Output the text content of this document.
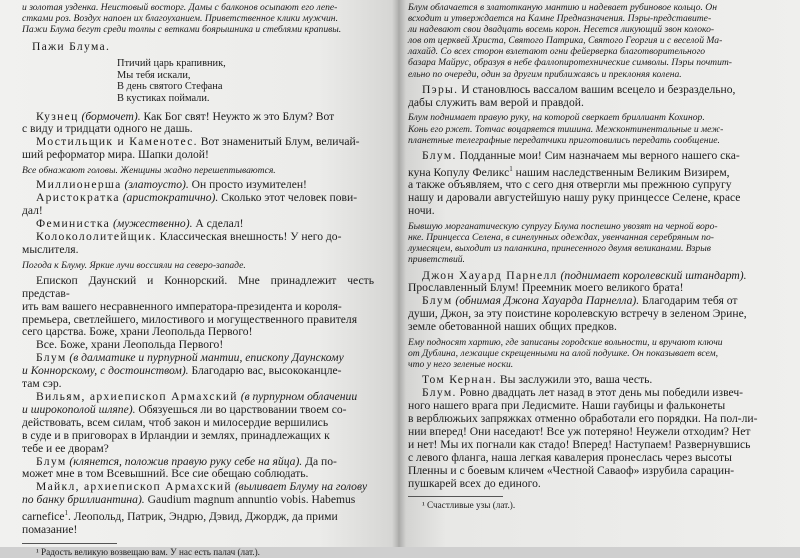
и золотая узденка. Неистовый восторг. Дамы с балконов осыпают его лепе-
стками роз. Воздух напоен их благоуханием. Приветственное клики мужчин.
Пажи Блума бегут среди толпы с ветками боярышника и стеблями крапивы.
Пажи Блума.
Птичий царь крапивник,
Мы тебя искали,
В день святого Стефана
В кустиках поймали.
Кузнец (бормочет). Как Бог свят! Неужто ж это Блум? Вот
с виду и тридцати одного не дашь.
Мостильщик и Каменотес. Вот знаменитый Блум, величай-
ший реформатор мира. Шапки долой!
Все обнажают головы. Женщины жадно перешептываются.
Миллионерша (златоусто). Он просто изумителен!
Аристократка (аристократично). Сколько этот человек пови-
дал!
Феминистка (мужественно). А сделал!
Колокололитейщик. Классическая внешность! У него до-
мыслителя.
Погода к Блуму. Яркие лучи воссияли на северо-западе.
Епископ Даунский и Коннорский. Мне принадлежит честь представ-
ить вам вашего несравненного императора-президента и короля-
премьера, светлейшего, милостивого и могущественного правителя
сего царства. Боже, храни Леопольда Первого!
Все. Боже, храни Леопольда Первого!
Блум (в далматике и пурпурной мантии, епископу Даунскому
и Коннорскому, с достоинством). Благодарю вас, высококанцле-
там сэр.
Вильям, архиепископ Армахский (в пурпурном облачении
и широкополой шляпе). Обязуешься ли во царствовании твоем со-
действовать, всем силам, чтоб закон и милосердие вершились
в суде и в приговорах в Ирландии и землях, принадлежащих к
тебе и ее дворам?
Блум (клянется, положив правую руку себе на яйца). Да по-
может мне в том Всевышний. Все сие обещаю соблюдать.
Майкл, архиепископ Армахский (выливает Блуму на голову
по банку бриллиантина). Gaudium magnum annuntio vobis. Habemus
carnefice$^1$. Леопольд, Патрик, Эндрю, Дэвид, Джордж, да прими
помазание!
¹ Радость великую возвещаю вам. У нас есть палач (лат.).
Блум облачается в златотканую мантию и надевает рубиновое кольцо. Он
всходит и утверждается на Камне Предназначения. Пэры-представите-
ли надевают свои двадцать восемь корон. Несется ликующий звон колоко-
лов от церквей Христа, Святого Патрика, Святого Георгия и с веселой Ма-
лахайд. Со всех сторон взлетают огни фейерверка благотворительного
базара Майрус, образуя в небе фаллопиротехнические символы. Пэры почтит-
ельно по очереди, один за другим приближаясь и преклоняя колена.
Пэры. И становлюсь вассалом вашим всецело и безраздельно,
дабы служить вам верой и правдой.
Блум поднимает правую руку, на которой сверкает бриллиант Кохинор.
Конь его ржет. Тотчас воцаряется тишина. Межконтинентальные и меж-
планетные телеграфные передатчики приготовились передать сообщение.
Блум. Подданные мои! Сим назначаем мы верного нашего ска-
куна Копулу Феликс$^1$ нашим наследственным Великим Визирем,
а также объявляем, что с сего дня отвергли мы прежнюю супругу
нашу и даровали августейшую нашу руку принцессе Селене, красе
ночи.
Бывшую морганатическую супругу Блума поспешно увозят на черной воро-
нке. Принцесса Селена, в синелунных одеждах, увенчанная серебряным по-
лумесяцем, выходит из паланкина, принесенного двумя великанами. Взрыв
приветствий.
Джон Хауард Парнелл (поднимает королевский штандарт).
Прославленный Блум! Преемник моего великого брата!
Блум (обнимая Джона Хауарда Парнелла). Благодарим тебя от
души, Джон, за эту поистине королевскую встречу в зеленом Эрине,
земле обетованной наших общих предков.
Ему подносят хартию, где записаны городские вольности, и вручают ключи
от Дублина, лежащие скрещенными на алой подушке. Он показывает всем,
что у него зеленые носки.
Том Кернан. Вы заслужили это, ваша честь.
Блум. Ровно двадцать лет назад в этот день мы победили извеч-
ного нашего врага при Ледисмите. Наши гаубицы и фальконеты
в верблюжьих запряжках отменно обработали его порядки. На пол-ли-
нии вперед! Они наседают! Все уж потеряно! Неужели отходим? Нет
и нет! Мы их погнали как стадо! Вперед! Наступаем! Развернувшись
с левого фланга, наша легкая кавалерия пронеслась через высоты
Пленны и с боевым кличем «Честной Саваоф» изрубила сарацин-
пушкарей всех до единого.
¹ Счастливые узы (лат.).
